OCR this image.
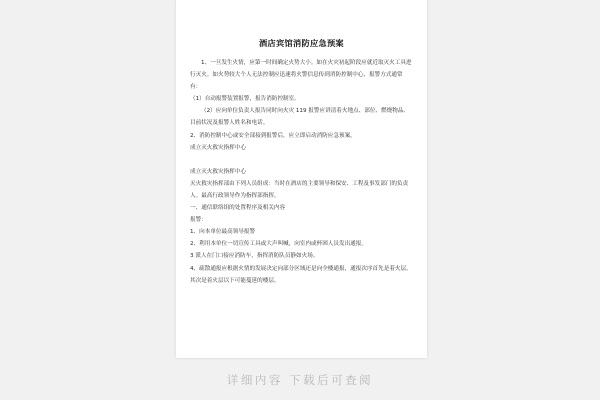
酒店宾馆消防应急预案

1、一旦发生火情，应第一时间确定火势大小。如在火灾初起阶段应就近取灭火工具进行灭火。如火势较大个人无法控制应迅速将火警信息传到消防控制中心，报警方式通常有：

（1）自动报警装置报警，报告消防控制室。

（2）应向单位负责人报告同时向火灾 119 报警应讲清着火地点、部位、燃烧物品、目前状况及报警人姓名和电话。

2、消防控制中心或安全部接到报警后，应立即启动消防应急预案，

成立灭火救灾指挥中心

成立灭火救灾指挥中心

灭火救灾指挥部由下列人员组成：当时在酒店的主要领导和保安、工程及事发部门的负责人。最高行政领导作为指挥部指挥。

一、通信联络组的处置程序及相关内容

报警：

1、向本单位最高领导报警

2、利用本单位一切宣传工具或大声叫喊，向室内或杯困人员发出通报。

3 派人在门口接应消防车，指挥消防队员静如火场。

4、疏散通报应根据火情的发展决定向部分区域还是向全楼通报，通报次序首先是着火层，其次是着火层以下可能蔓延的楼层。

详细内容 下载后可查阅
